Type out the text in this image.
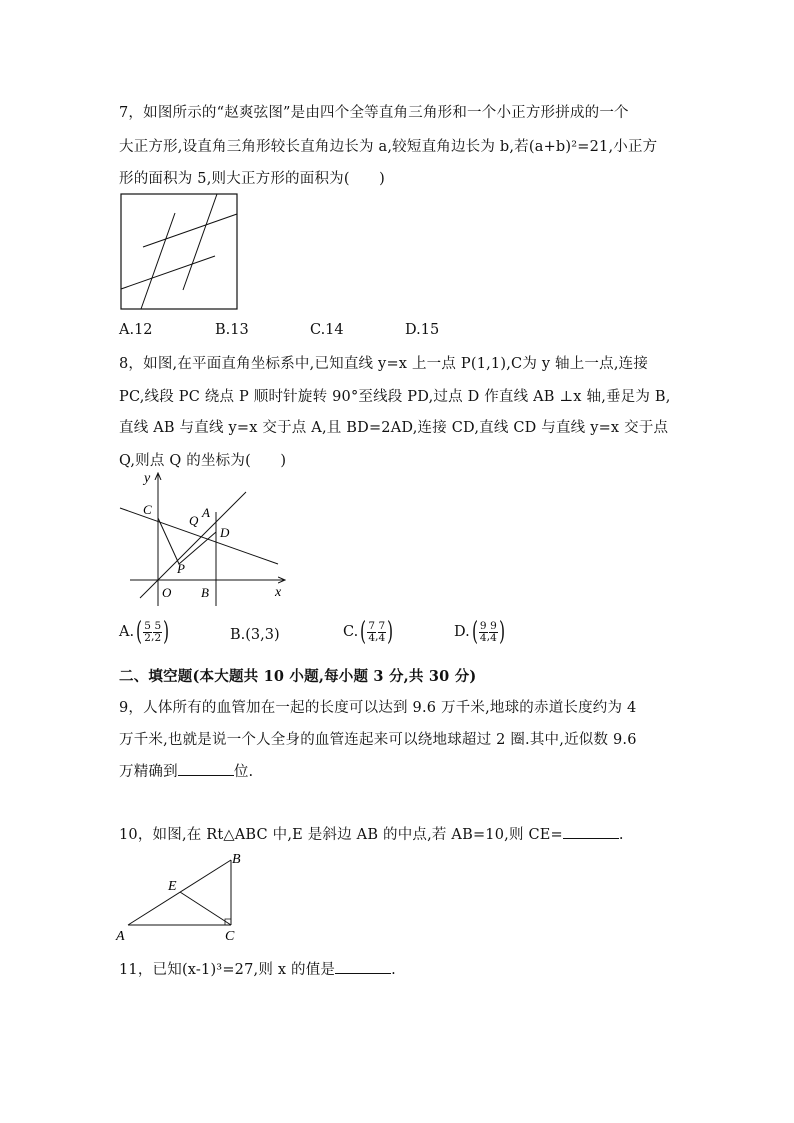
7，如图所示的“赵爽弦图”是由四个全等直角三角形和一个小正方形拼成的一个
大正方形,设直角三角形较长直角边长为 a,较短直角边长为 b,若(a+b)²=21,小正方
形的面积为 5,则大正方形的面积为(　　)
A.12	B.13	C.14	D.15
8，如图,在平面直角坐标系中,已知直线 y=x 上一点 P(1,1),C为 y 轴上一点,连接
PC,线段 PC 绕点 P 顺时针旋转 90°至线段 PD,过点 D 作直线 AB ⊥x 轴,垂足为 B,
直线 AB 与直线 y=x 交于点 A,且 BD=2AD,连接 CD,直线 CD 与直线 y=x 交于点
Q,则点 Q 的坐标为(　　)
y
x
O B
C
Q
A
D
P
A. ( 5
2 ,
5
2 )	B.(3,3)	C. ( 7
4 ,
7
4 )	D. ( 9
4 ,
9
4 )
二、填空题(本大题共 10 小题,每小题 3 分,共 30 分)
9，人体所有的血管加在一起的长度可以达到 9.6 万千米,地球的赤道长度约为 4
万千米,也就是说一个人全身的血管连起来可以绕地球超过 2 圈.其中,近似数 9.6
万精确到	位.
10，如图,在 Rt△ABC 中,E 是斜边 AB 的中点,若 AB=10,则 CE=	.
A
B
C
E
11，已知(x-1)³=27,则 x 的值是	.
